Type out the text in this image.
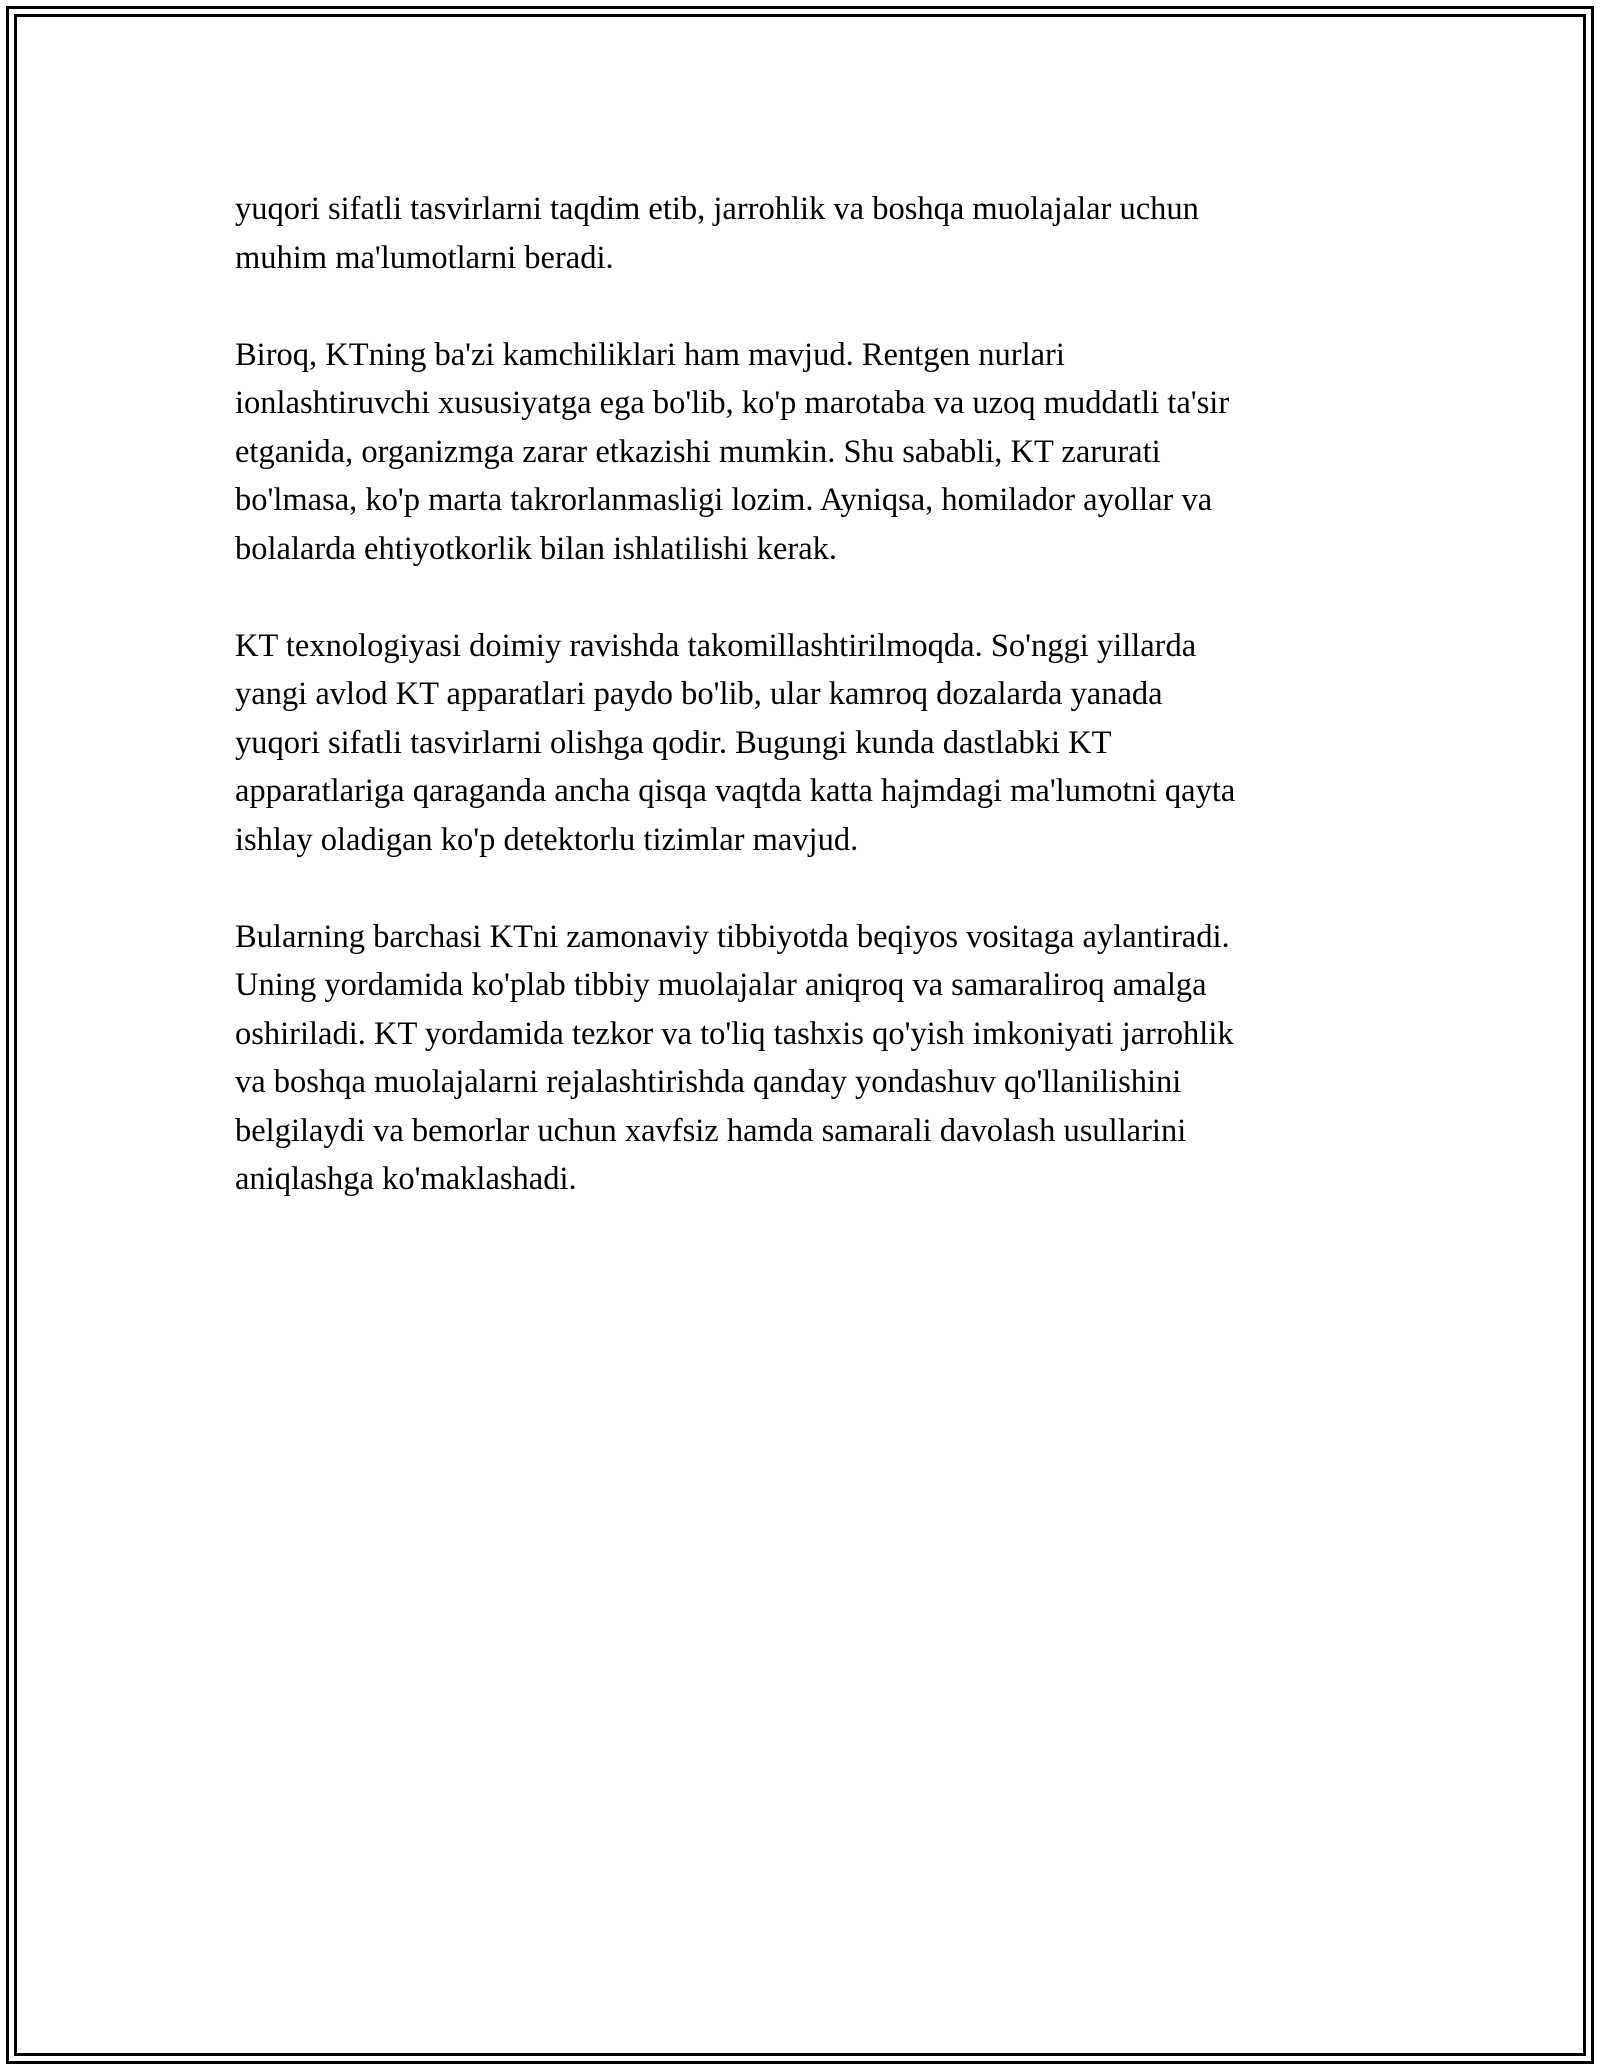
yuqori sifatli tasvirlarni taqdim etib, jarrohlik va boshqa muolajalar uchun
muhim ma'lumotlarni beradi.

Biroq, KTning ba'zi kamchiliklari ham mavjud. Rentgen nurlari
ionlashtiruvchi xususiyatga ega bo'lib, ko'p marotaba va uzoq muddatli ta'sir
etganida, organizmga zarar etkazishi mumkin. Shu sababli, KT zarurati
bo'lmasa, ko'p marta takrorlanmasligi lozim. Ayniqsa, homilador ayollar va
bolalarda ehtiyotkorlik bilan ishlatilishi kerak.

KT texnologiyasi doimiy ravishda takomillashtirilmoqda. So'nggi yillarda
yangi avlod KT apparatlari paydo bo'lib, ular kamroq dozalarda yanada
yuqori sifatli tasvirlarni olishga qodir. Bugungi kunda dastlabki KT
apparatlariga qaraganda ancha qisqa vaqtda katta hajmdagi ma'lumotni qayta
ishlay oladigan ko'p detektorlu tizimlar mavjud.

Bularning barchasi KTni zamonaviy tibbiyotda beqiyos vositaga aylantiradi.
Uning yordamida ko'plab tibbiy muolajalar aniqroq va samaraliroq amalga
oshiriladi. KT yordamida tezkor va to'liq tashxis qo'yish imkoniyati jarrohlik
va boshqa muolajalarni rejalashtirishda qanday yondashuv qo'llanilishini
belgilaydi va bemorlar uchun xavfsiz hamda samarali davolash usullarini
aniqlashga ko'maklashadi.
